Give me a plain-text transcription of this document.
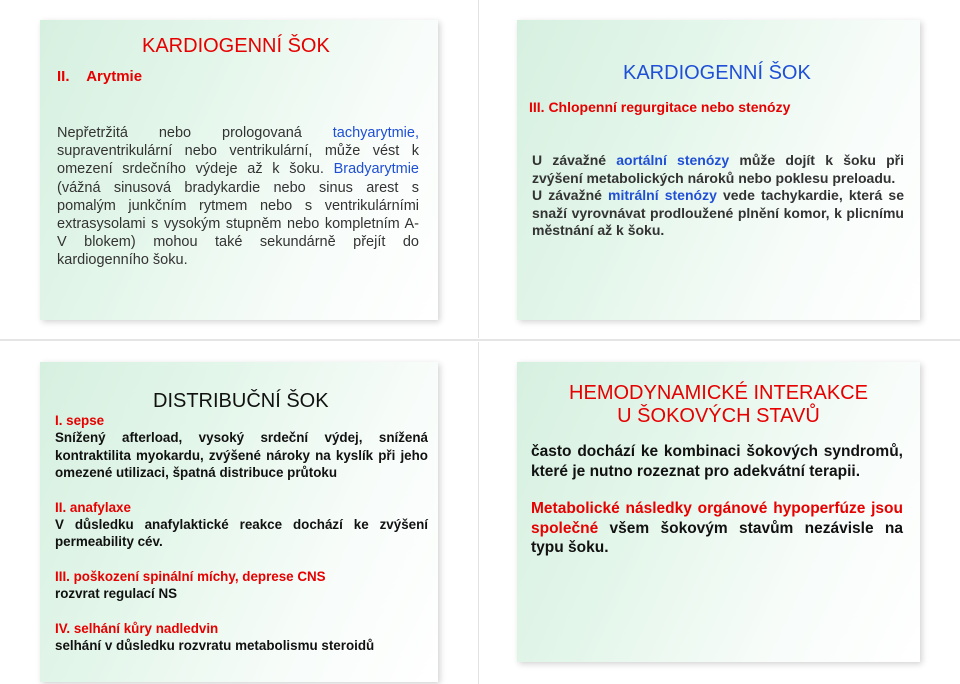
KARDIOGENNÍ ŠOK
II. Arytmie
Nepřetržitá nebo prologovaná tachyarytmie, supraventrikulární nebo ventrikulární, může vést k omezení srdečního výdeje až k šoku. Bradyarytmie (vážná sinusová bradykardie nebo sinus arest s pomalým junkčním rytmem nebo s ventrikulárními extrasysolami s vysokým stupněm nebo kompletním A-V blokem) mohou také sekundárně přejít do kardiogenního šoku.
KARDIOGENNÍ ŠOK
III. Chlopenní regurgitace nebo stenózy
U závažné aortální stenózy může dojít k šoku při zvýšení metabolických nároků nebo poklesu preloadu.
U závažné mitrální stenózy vede tachykardie, která se snaží vyrovnávat prodloužené plnění komor, k plicnímu městnání až k šoku.
DISTRIBUČNÍ ŠOK
I. sepse
Snížený afterload, vysoký srdeční výdej, snížená kontraktilita myokardu, zvýšené nároky na kyslík při jeho omezené utilizaci, špatná distribuce průtoku
II. anafylaxe
V důsledku anafylaktické reakce dochází ke zvýšení permeability cév.
III. poškození spinální míchy, deprese CNS
rozvrat regulací NS
IV. selhání kůry nadledvin
selhání v důsledku rozvratu metabolismu steroidů
HEMODYNAMICKÉ INTERAKCE
U ŠOKOVÝCH STAVŮ
často dochází ke kombinaci šokových syndromů, které je nutno rozeznat pro adekvátní terapii.
Metabolické následky orgánové hypoperfúze jsou společné všem šokovým stavům nezávisle na typu šoku.
